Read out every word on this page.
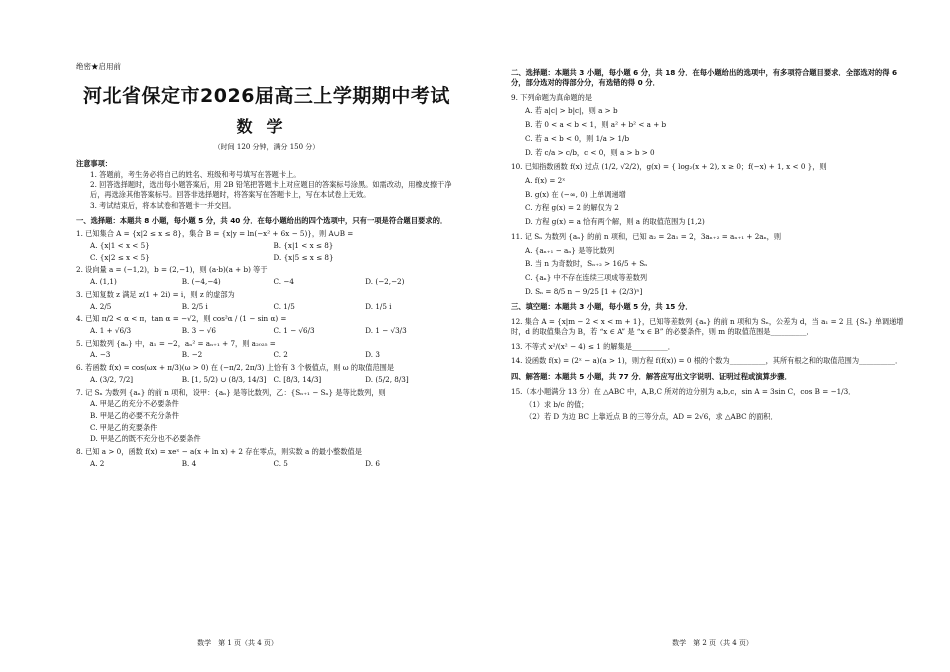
绝密★启用前
河北省保定市2026届高三上学期期中考试
数学
（时间 120 分钟，满分 150 分）
注意事项：

1. 答题前，考生务必将自己的姓名、班级和考号填写在答题卡上。

2. 回答选择题时，选出每小题答案后，用 2B 铅笔把答题卡上对应题目的答案标号涂黑。如需改动，用橡皮擦干净后，再选涂其他答案标号。回答非选择题时，将答案写在答题卡上，写在本试卷上无效。

3. 考试结束后，将本试卷和答题卡一并交回。

一、选择题：本题共 8 小题，每小题 5 分，共 40 分．在每小题给出的四个选项中，只有一项是符合题目要求的．
1. 已知集合 A = {x|2 ≤ x ≤ 8}，集合 B = {x|y = ln(−x² + 6x − 5)}，则 A∪B =
A. {x|1 < x < 5}	B. {x|1 < x ≤ 8}
C. {x|2 ≤ x < 5}	D. {x|5 ≤ x ≤ 8}
2. 设向量 a = (−1,2)，b = (2,−1)，则 (a·b)(a + b) 等于
A. (1,1)	B. (−4,−4)	C. −4	D. (−2,−2)
3. 已知复数 z 满足 z(1 + 2i) = i，则 z 的虚部为
A. 2/5	B. 2/5 i	C. 1/5	D. 1/5 i
4. 已知 π/2 < α < π，tan α = −√2，则 cos²α / (1 − sin α) =
A. 1 + √6/3	B. 3 − √6	C. 1 − √6/3	D. 1 − √3/3
5. 已知数列 {aₙ} 中，a₁ = −2，aₙ² = aₙ₊₁ + 7，则 a₂₀₂₅ =
A. −3	B. −2	C. 2	D. 3
6. 若函数 f(x) = cos(ωx + π/3)(ω > 0) 在 (−π/2, 2π/3) 上恰有 3 个极值点，则 ω 的取值范围是
A. (3/2, 7/2]	B. [1, 5/2) ∪ (8/3, 14/3] C. [8/3, 14/3]	D. (5/2, 8/3]
7. 记 Sₙ 为数列 {aₙ} 的前 n 项和，设甲：{aₙ} 是等比数列，乙：{Sₙ₊₁ − Sₙ} 是等比数列，则
A. 甲是乙的充分不必要条件
B. 甲是乙的必要不充分条件
C. 甲是乙的充要条件
D. 甲是乙的既不充分也不必要条件
8. 已知 a > 0，函数 f(x) = xeˣ − a(x + ln x) + 2 存在零点，则实数 a 的最小整数值是
A. 2	B. 4	C. 5	D. 6
数学　第 1 页（共 4 页）
二、选择题：本题共 3 小题，每小题 6 分，共 18 分．在每小题给出的选项中，有多项符合题目要求．全部选对的得 6 分，部分选对的得部分分，有选错的得 0 分．
9. 下列命题为真命题的是
A. 若 a|c| > b|c|，则 a > b
B. 若 0 < a < b < 1，则 a² + b² < a + b
C. 若 a < b < 0，则 1/a > 1/b
D. 若 c/a > c/b，c < 0，则 a > b > 0
10. 已知指数函数 f(x) 过点 (1/2, √2/2)，g(x) = { log₂(x + 2), x ≥ 0；f(−x) + 1, x < 0 }，则
A. f(x) = 2ˣ
B. g(x) 在 (−∞, 0) 上单调递增
C. 方程 g(x) = 2 的解仅为 2
D. 方程 g(x) = a 恰有两个解，则 a 的取值范围为 [1,2)
11. 记 Sₙ 为数列 {aₙ} 的前 n 项和，已知 a₂ = 2a₁ = 2，3aₙ₊₂ = aₙ₊₁ + 2aₙ，则
A. {aₙ₊₁ − aₙ} 是等比数列
B. 当 n 为奇数时，Sₙ₊₂ > 16/5 + Sₙ
C. {aₙ} 中不存在连续三项成等差数列
D. Sₙ = 8/5 n − 9/25 [1 + (2/3)ⁿ]
三、填空题：本题共 3 小题，每小题 5 分，共 15 分．
12. 集合 A = {x|m − 2 < x < m + 1}，已知等差数列 {aₙ} 的前 n 项和为 Sₙ，公差为 d，当 a₁ = 2 且 {Sₙ} 单调递增时，d 的取值集合为 B，若 “x ∈ A” 是 “x ∈ B” 的必要条件，则 m 的取值范围是__________．
13. 不等式 x²/(x² − 4) ≤ 1 的解集是__________．
14. 设函数 f(x) = (2ˣ − a)(a > 1)，则方程 f(f(x)) = 0 根的个数为__________，其所有根之和的取值范围为__________．
四、解答题：本题共 5 小题，共 77 分．解答应写出文字说明、证明过程或演算步骤．
15.（本小题满分 13 分）在 △ABC 中，A,B,C 所对的边分别为 a,b,c，sin A = 3sin C，cos B = −1/3．
（1）求 b/c 的值；
（2）若 D 为边 BC 上靠近点 B 的三等分点，AD = 2√6，求 △ABC 的面积．
数学　第 2 页（共 4 页）
